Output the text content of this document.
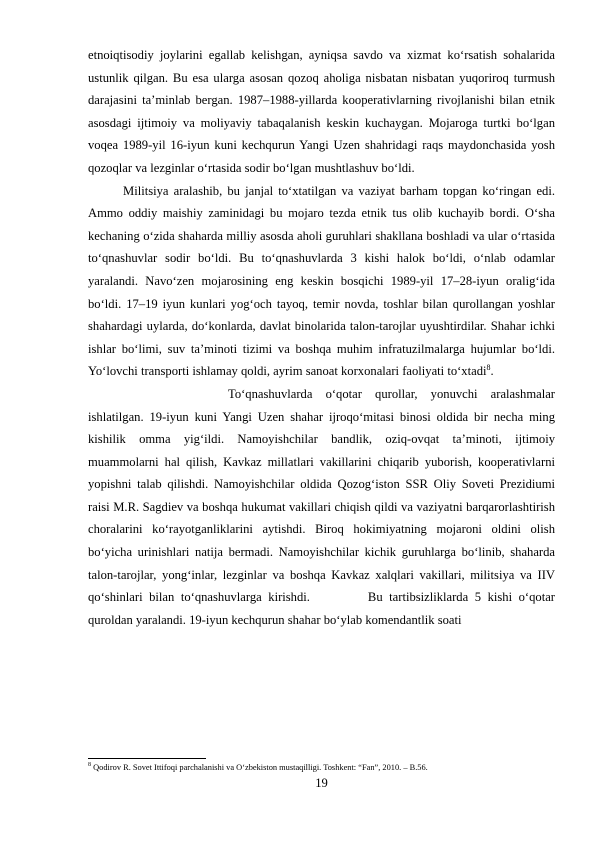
etnoiqtisodiy joylarini egallab kelishgan, ayniqsa savdo va xizmat ko‘rsatish sohalarida ustunlik qilgan. Bu esa ularga asosan qozoq aholiga nisbatan nisbatan yuqoriroq turmush darajasini ta’minlab bergan. 1987–1988-yillarda kooperativlarning rivojlanishi bilan etnik asosdagi ijtimoiy va moliyaviy tabaqalanish keskin kuchaygan. Mojaroga turtki bo‘lgan voqea 1989-yil 16-iyun kuni kechqurun Yangi Uzen shahridagi raqs maydonchasida yosh qozoqlar va lezginlar o‘rtasida sodir bo‘lgan mushtlashuv bo‘ldi.

Militsiya aralashib, bu janjal to‘xtatilgan va vaziyat barham topgan ko‘ringan edi. Ammo oddiy maishiy zaminidagi bu mojaro tezda etnik tus olib kuchayib bordi. O‘sha kechaning o‘zida shaharda milliy asosda aholi guruhlari shakllana boshladi va ular o‘rtasida to‘qnashuvlar sodir bo‘ldi. Bu to‘qnashuvlarda 3 kishi halok bo‘ldi, o‘nlab odamlar yaralandi. Navo‘zen mojarosining eng keskin bosqichi 1989-yil 17–28-iyun oralig‘ida bo‘ldi. 17–19 iyun kunlari yog‘och tayoq, temir novda, toshlar bilan qurollangan yoshlar shahardagi uylarda, do‘konlarda, davlat binolarida talon-tarojlar uyushtirdilar. Shahar ichki ishlar bo‘limi, suv ta’minoti tizimi va boshqa muhim infratuzilmalarga hujumlar bo‘ldi. Yo‘lovchi transporti ishlamay qoldi, ayrim sanoat korxonalari faoliyati to‘xtadi$^8$.

To‘qnashuvlarda o‘qotar qurollar, yonuvchi aralashmalar ishlatilgan. 19-iyun kuni Yangi Uzen shahar ijroqo‘mitasi binosi oldida bir necha ming kishilik omma yig‘ildi. Namoyishchilar bandlik, oziq-ovqat ta’minoti, ijtimoiy muammolarni hal qilish, Kavkaz millatlari vakillarini chiqarib yuborish, kooperativlarni yopishni talab qilishdi. Namoyishchilar oldida Qozog‘iston SSR Oliy Soveti Prezidiumi raisi M.R. Sagdiev va boshqa hukumat vakillari chiqish qildi va vaziyatni barqarorlashtirish choralarini ko‘rayotganliklarini aytishdi. Biroq hokimiyatning mojaroni oldini olish bo‘yicha urinishlari natija bermadi. Namoyishchilar kichik guruhlarga bo‘linib, shaharda talon-tarojlar, yong‘inlar, lezginlar va boshqa Kavkaz xalqlari vakillari, militsiya va IIV qo‘shinlari bilan to‘qnashuvlarga kirishdi.	Bu tartibsizliklarda 5 kishi o‘qotar quroldan yaralandi. 19-iyun kechqurun shahar bo‘ylab komendantlik soati

$^8$ Qodirov R. Sovet Ittifoqi parchalanishi va O‘zbekiston mustaqilligi. Toshkent: “Fan”, 2010. – B.56.
19
